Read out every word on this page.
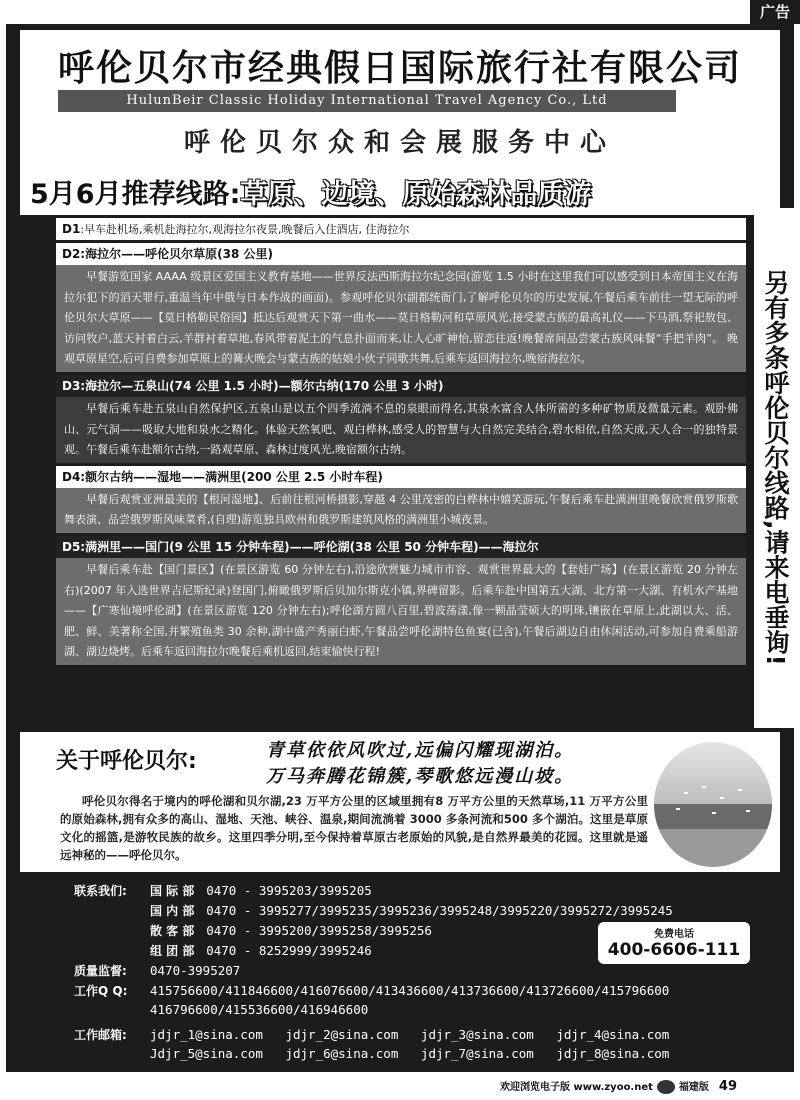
广告
呼伦贝尔市经典假日国际旅行社有限公司
HulunBeir Classic Holiday International Travel Agency Co., Ltd
呼伦贝尔众和会展服务中心
5月6月推荐线路:草原、边境、原始森林品质游
D1:早车赴机场,乘机赴海拉尔,观海拉尔夜景,晚餐后入住酒店, 住海拉尔
D2:海拉尔——呼伦贝尔草原(38 公里)
早餐游览国家 AAAA 级景区爱国主义教育基地——世界反法西斯海拉尔纪念园(游览 1.5 小时在这里我们可以感受到日本帝国主义在海拉尔犯下的滔天罪行,重温当年中俄与日本作战的画面)。参观呼伦贝尔副都统衙门,了解呼伦贝尔的历史发展,午餐后乘车前往一望无际的呼伦贝尔大草原——【莫日格勒民俗园】抵达后观赏天下第一曲水——莫日格勒河和草原风光,接受蒙古族的最高礼仪——下马酒,祭祀敖包、访问牧户,蓝天衬着白云,羊群衬着草地,春风带着泥土的气息扑面而来,让人心旷神怡,留恋往返!晚餐席间品尝蒙古族风味餐“手把羊肉”。 晚观草原星空,后可自费参加草原上的篝火晚会与蒙古族的姑娘小伙子同歌共舞,后乘车返回海拉尔,晚宿海拉尔。
D3:海拉尔—五泉山(74 公里 1.5 小时)—额尔古纳(170 公里 3 小时)
早餐后乘车赴五泉山自然保护区,五泉山是以五个四季流淌不息的泉眼而得名,其泉水富含人体所需的多种矿物质及微量元素。观卧佛山、元气洞——吸取大地和泉水之精化。体验天然氧吧、观白桦林,感受人的智慧与大自然完美结合,碧水相依,自然天成,天人合一的独特景观。午餐后乘车赴额尔古纳,一路观草原、森林过度风光,晚宿额尔古纳。
D4:额尔古纳——湿地——满洲里(200 公里 2.5 小时车程)
早餐后观赏亚洲最美的【根河湿地】、后前往根河桥摄影,穿越 4 公里茂密的白桦林中嬉笑游玩,午餐后乘车赴满洲里晚餐欣赏俄罗斯歌舞表演、品尝俄罗斯风味菜肴,(自理)游览独具欧州和俄罗斯建筑风格的满洲里小城夜景。
D5:满洲里——国门(9 公里 15 分钟车程)——呼伦湖(38 公里 50 分钟车程)——海拉尔
早餐后乘车赴【国门景区】(在景区游览 60 分钟左右),沿途欣赏魅力城市市容、观赏世界最大的【套娃广场】(在景区游览 20 分钟左右)(2007 年入选世界吉尼斯纪录)登国门,俯瞰俄罗斯后贝加尔斯克小镇,界碑留影。后乘车赴中国第五大湖、北方第一大湖、有机水产基地——【广寒仙境呼伦湖】(在景区游览 120 分钟左右);呼伦湖方圆八百里,碧波荡漾,像一颗晶莹硕大的明珠,镶嵌在草原上,此湖以大、活、肥、鲜、美著称全国,并繁殖鱼类 30 余种,湖中盛产秀丽白虾,午餐品尝呼伦湖特色鱼宴(已含),午餐后湖边自由休闲活动,可参加自费乘船游湖、湖边烧烤。后乘车返回海拉尔晚餐后乘机返回,结束愉快行程!	另有多条呼伦贝尔线路,请来电垂询!
关于呼伦贝尔:	青草依依风吹过,远偏闪耀现湖泊。
万马奔腾花锦簇,琴歌悠远漫山坡。
呼伦贝尔得名于境内的呼伦湖和贝尔湖,23 万平方公里的区域里拥有8 万平方公里的天然草场,11 万平方公里的原始森林,拥有众多的高山、湿地、天池、峡谷、温泉,期间流淌着 3000 多条河流和500 多个湖泊。这里是草原文化的摇篮,是游牧民族的故乡。这里四季分明,至今保持着草原古老原始的风貌,是自然界最美的花园。这里就是遥远神秘的——呼伦贝尔。
联系我们: 国 际 部 0470 - 3995203/3995205
国 内 部 0470 - 3995277/3995235/3995236/3995248/3995220/3995272/3995245
散 客 部 0470 - 3995200/3995258/3995256
组 团 部 0470 - 8252999/3995246
质量监督: 0470-3995207
工作Q Q: 415756600/411846600/416076600/413436600/413736600/413726600/415796600
416796600/415536600/416946600
工作邮箱: jdjr_1@sina.com   jdjr_2@sina.com   jdjr_3@sina.com   jdjr_4@sina.com
Jdjr_5@sina.com   jdjr_6@sina.com   jdjr_7@sina.com   jdjr_8@sina.com
公司网址: http://www.jingdianjiari.com/
免费电话
400-6606-111
欢迎浏览电子版 www.zyoo.net	福建版 49
